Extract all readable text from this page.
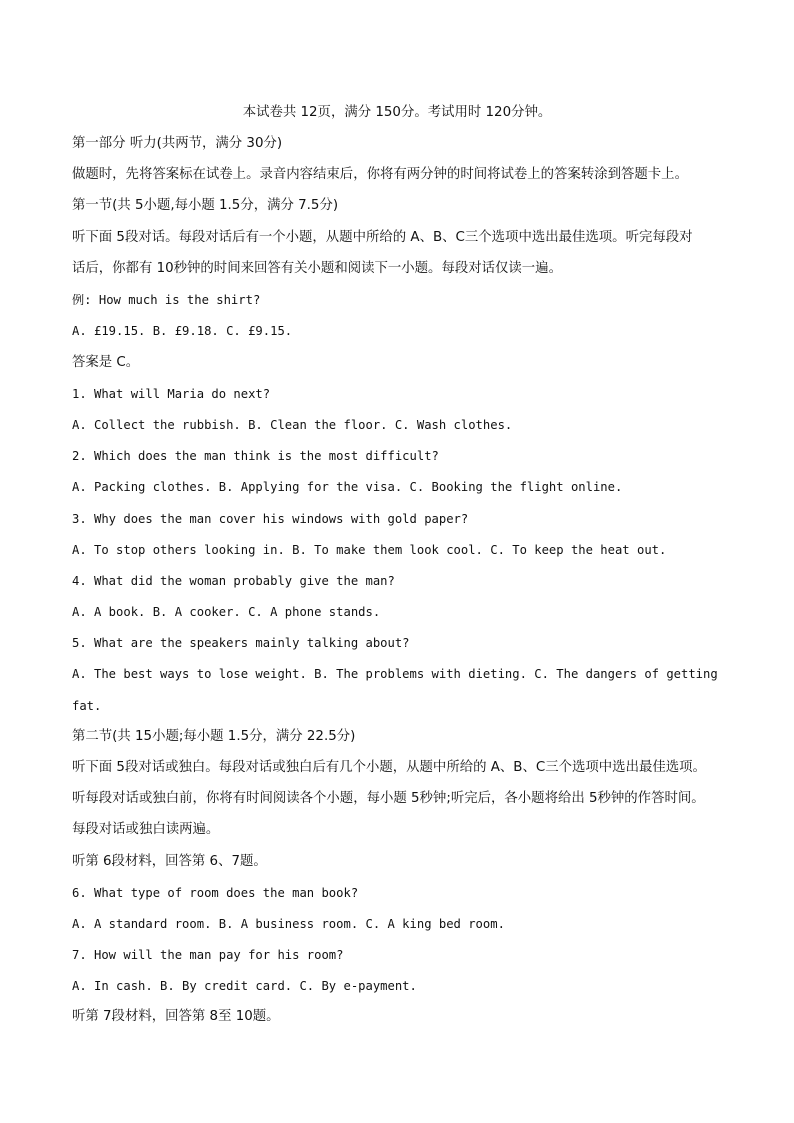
本试卷共 12页，满分 150分。考试用时 120分钟。
第一部分 听力(共两节，满分 30分)
做题时，先将答案标在试卷上。录音内容结束后，你将有两分钟的时间将试卷上的答案转涂到答题卡上。
第一节(共 5小题,每小题 1.5分，满分 7.5分)
听下面 5段对话。每段对话后有一个小题，从题中所给的 A、B、C三个选项中选出最佳选项。听完每段对
话后，你都有 10秒钟的时间来回答有关小题和阅读下一小题。每段对话仅读一遍。
例: How much is the shirt?
A. £19.15. B. £9.18. C. £9.15.
答案是 C。
1. What will Maria do next?
A. Collect the rubbish. B. Clean the floor. C. Wash clothes.
2. Which does the man think is the most difficult?
A. Packing clothes. B. Applying for the visa. C. Booking the flight online.
3. Why does the man cover his windows with gold paper?
A. To stop others looking in. B. To make them look cool. C. To keep the heat out.
4. What did the woman probably give the man?
A. A book. B. A cooker. C. A phone stands.
5. What are the speakers mainly talking about?
A. The best ways to lose weight. B. The problems with dieting. C. The dangers of getting
fat.
第二节(共 15小题;每小题 1.5分，满分 22.5分)
听下面 5段对话或独白。每段对话或独白后有几个小题，从题中所给的 A、B、C三个选项中选出最佳选项。
听每段对话或独白前，你将有时间阅读各个小题，每小题 5秒钟;听完后，各小题将给出 5秒钟的作答时间。
每段对话或独白读两遍。
听第 6段材料，回答第 6、7题。
6. What type of room does the man book?
A. A standard room. B. A business room. C. A king bed room.
7. How will the man pay for his room?
A. In cash. B. By credit card. C. By e-payment.
听第 7段材料，回答第 8至 10题。
